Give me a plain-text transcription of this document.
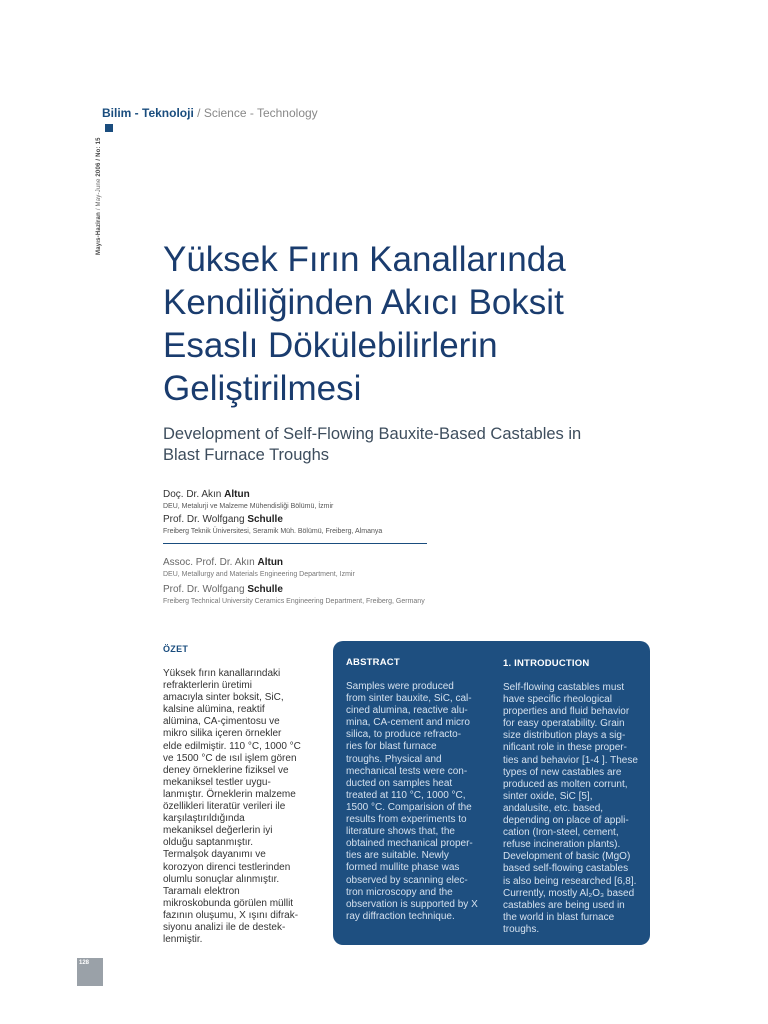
Bilim - Teknoloji / Science - Technology
Mayıs-Haziran / May-June 2006 / No: 15
Yüksek Fırın Kanallarında
Kendiliğinden Akıcı Boksit
Esaslı Dökülebilirlerin
Geliştirilmesi
Development of Self-Flowing Bauxite-Based Castables in
Blast Furnace Troughs
Doç. Dr. Akın Altun
DEU, Metalurji ve Malzeme Mühendisliği Bölümü, İzmir
Prof. Dr. Wolfgang Schulle
Freiberg Teknik Üniversitesi, Seramik Müh. Bölümü, Freiberg, Almanya
Assoc. Prof. Dr. Akın Altun
DEU, Metallurgy and Materials Engineering Department, Izmir
Prof. Dr. Wolfgang Schulle
Freiberg Technical University Ceramics Engineering Department, Freiberg, Germany
ÖZET

Yüksek fırın kanallarındaki
refrakterlerin üretimi
amacıyla sinter boksit, SiC,
kalsine alümina, reaktif
alümina, CA-çimentosu ve
mikro silika içeren örnekler
elde edilmiştir. 110 °C, 1000 °C
ve 1500 °C de ısıl işlem gören
deney örneklerine fiziksel ve
mekaniksel testler uygu-
lanmıştır. Örneklerin malzeme
özellikleri literatür verileri ile
karşılaştırıldığında
mekaniksel değerlerin iyi
olduğu saptanmıştır.
Termalşok dayanımı ve
korozyon direnci testlerinden
olumlu sonuçlar alınmıştır.
Taramalı elektron
mikroskobunda görülen müllit
fazının oluşumu, X ışını difrak-
siyonu analizi ile de destek-
lenmiştir.

ABSTRACT

Samples were produced
from sinter bauxite, SiC, cal-
cined alumina, reactive alu-
mina, CA-cement and micro
silica, to produce refracto-
ries for blast furnace
troughs. Physical and
mechanical tests were con-
ducted on samples heat
treated at 110 °C, 1000 °C,
1500 °C. Comparision of the
results from experiments to
literature shows that, the
obtained mechanical proper-
ties are suitable. Newly
formed mullite phase was
observed by scanning elec-
tron microscopy and the
observation is supported by X
ray diffraction technique.

1. INTRODUCTION

Self-flowing castables must
have specific rheological
properties and fluid behavior
for easy operatability. Grain
size distribution plays a sig-
nificant role in these proper-
ties and behavior [1-4 ]. These
types of new castables are
produced as molten corrunt,
sinter oxide, SiC [5],
andalusite, etc. based,
depending on place of appli-
cation (Iron-steel, cement,
refuse incineration plants).
Development of basic (MgO)
based self-flowing castables
is also being researched [6,8].
Currently, mostly Al₂O₃ based
castables are being used in
the world in blast furnace
troughs.

128
